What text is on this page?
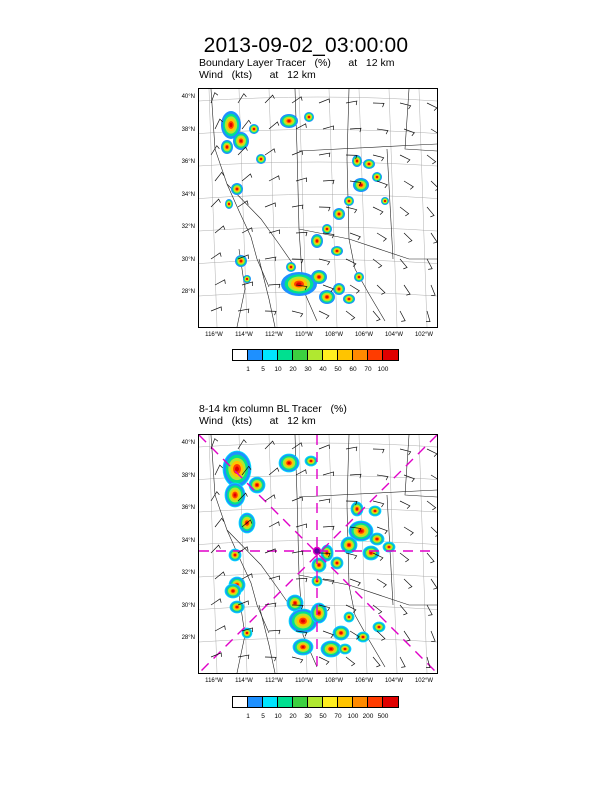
2013-09-02_03:00:00
Boundary Layer Tracer   (%)      at   12 km
Wind   (kts)      at   12 km
40°N
38°N
36°N
34°N
32°N
30°N
28°N
116°W	114°W	112°W	110°W	108°W	106°W	104°W	102°W
1	5	10	20	30	40	50	60	70 100
8-14 km column BL Tracer   (%)
Wind   (kts)      at   12 km
40°N
38°N
36°N
34°N
32°N
30°N
28°N
116°W	114°W	112°W	110°W	108°W	106°W	104°W	102°W
1	5	10	20	30	50	70 100 200 500
